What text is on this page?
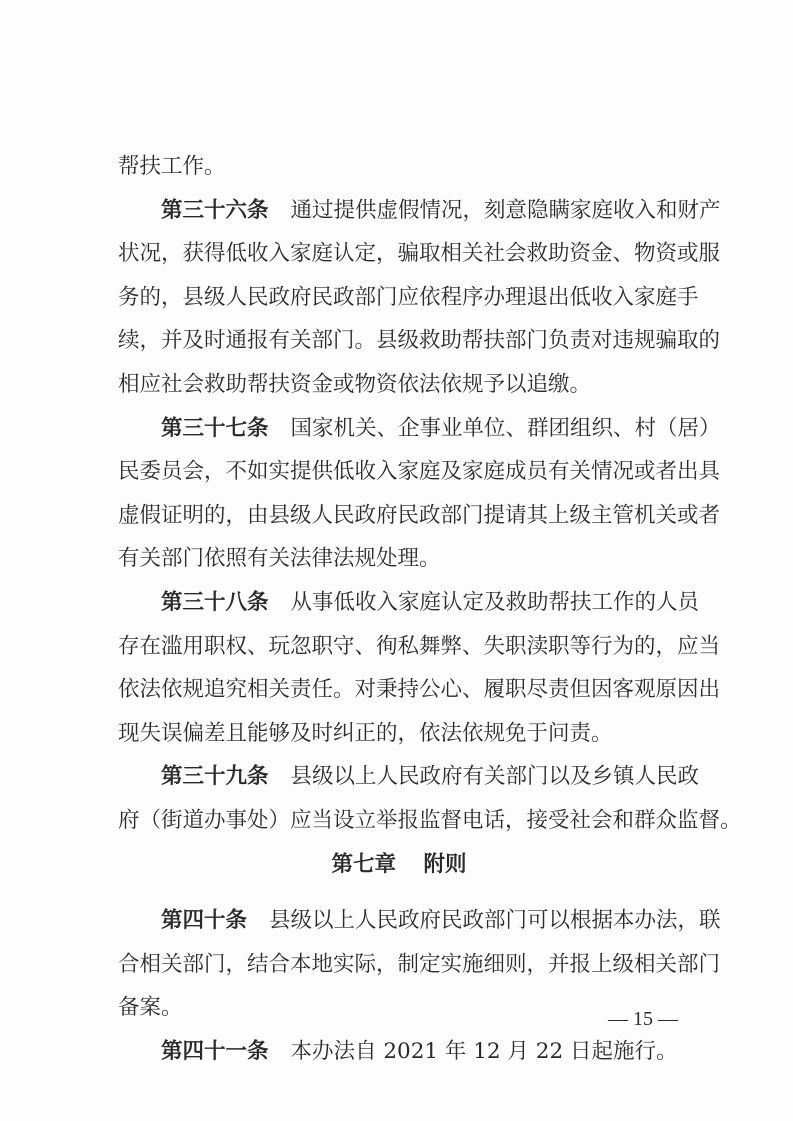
帮扶工作。
第三十六条 通过提供虚假情况，刻意隐瞒家庭收入和财产
状况，获得低收入家庭认定，骗取相关社会救助资金、物资或服
务的，县级人民政府民政部门应依程序办理退出低收入家庭手
续，并及时通报有关部门。县级救助帮扶部门负责对违规骗取的
相应社会救助帮扶资金或物资依法依规予以追缴。
第三十七条 国家机关、企事业单位、群团组织、村（居）
民委员会，不如实提供低收入家庭及家庭成员有关情况或者出具
虚假证明的，由县级人民政府民政部门提请其上级主管机关或者
有关部门依照有关法律法规处理。
第三十八条 从事低收入家庭认定及救助帮扶工作的人员
存在滥用职权、玩忽职守、徇私舞弊、失职渎职等行为的，应当
依法依规追究相关责任。对秉持公心、履职尽责但因客观原因出
现失误偏差且能够及时纠正的，依法依规免于问责。
第三十九条 县级以上人民政府有关部门以及乡镇人民政
府（街道办事处）应当设立举报监督电话，接受社会和群众监督。
第七章 附则
第四十条 县级以上人民政府民政部门可以根据本办法，联
合相关部门，结合本地实际，制定实施细则，并报上级相关部门
备案。
第四十一条 本办法自 2021 年 12 月 22 日起施行。
— 15 —
